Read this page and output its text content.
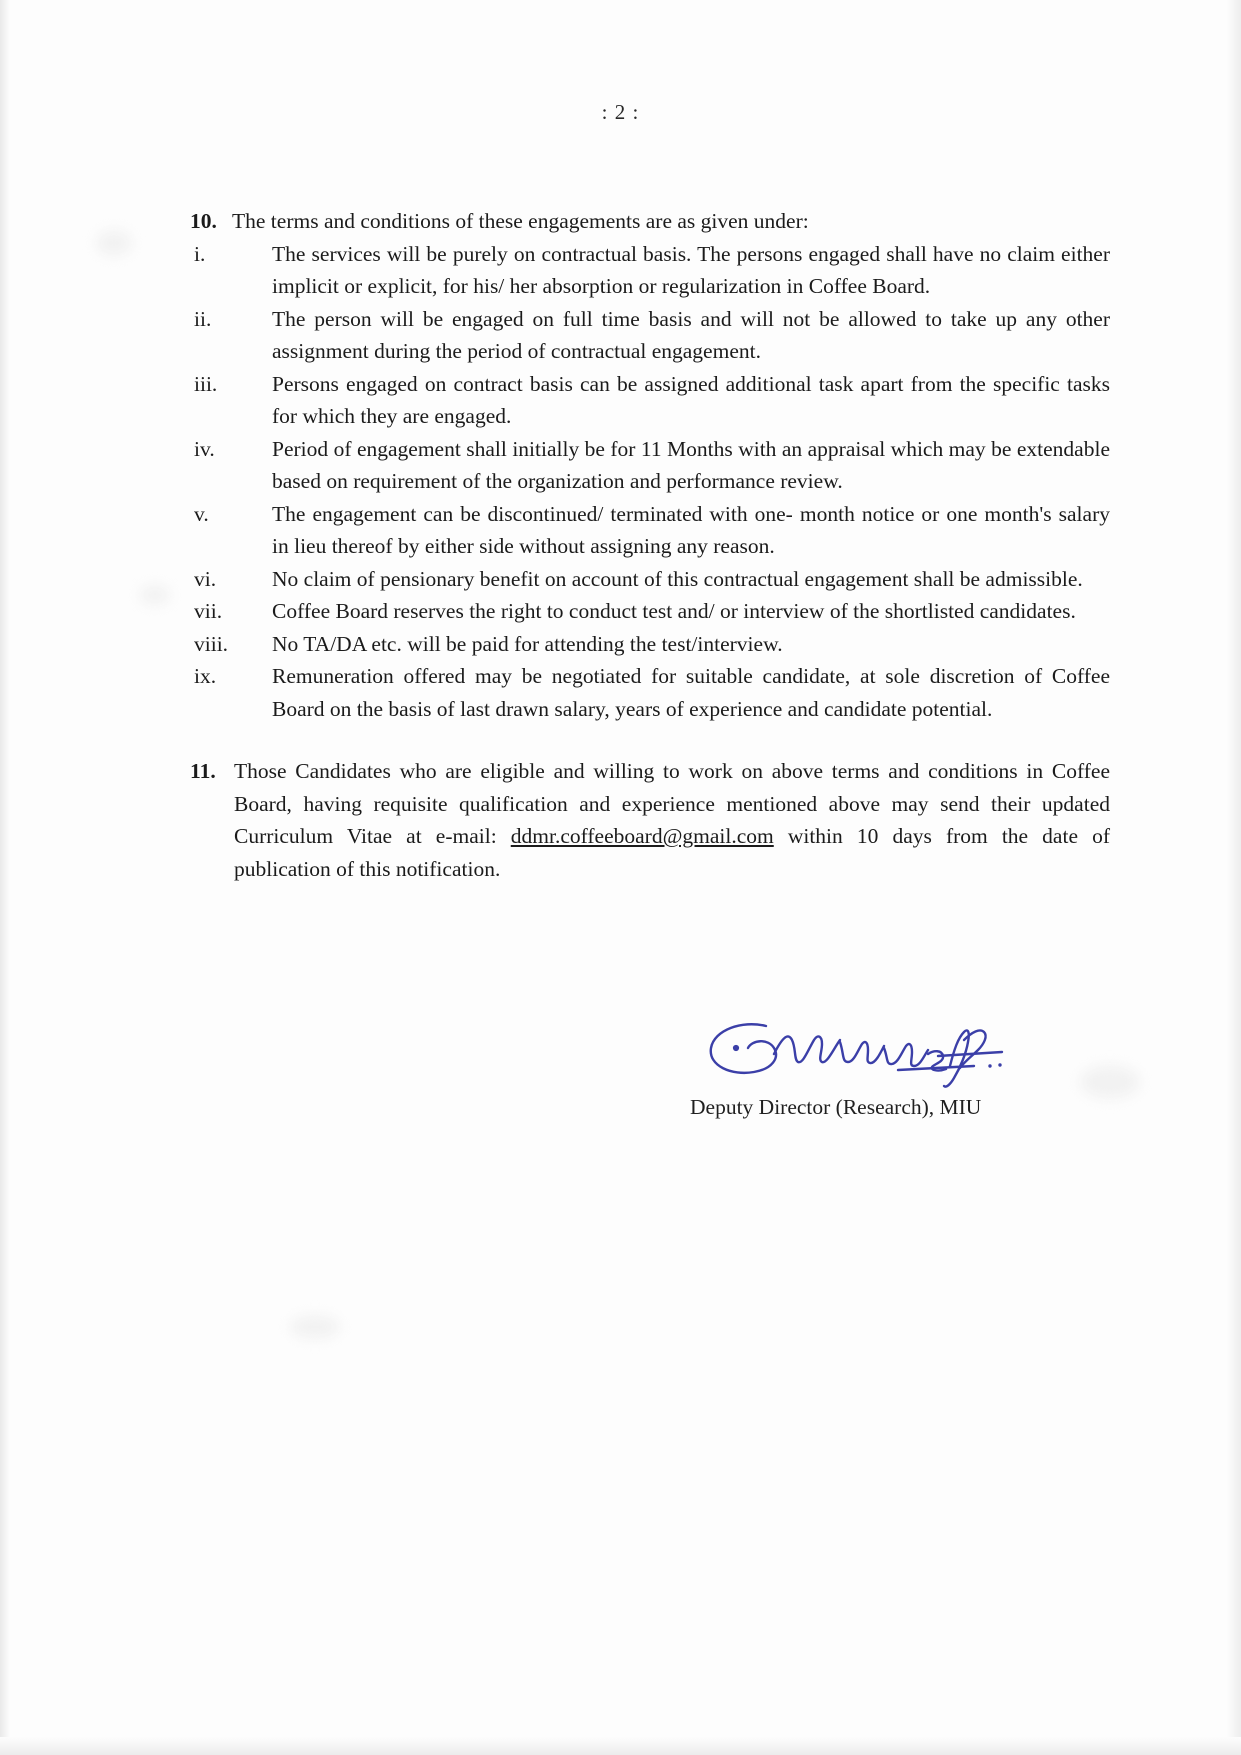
: 2 :
10. The terms and conditions of these engagements are as given under:
i.	The services will be purely on contractual basis. The persons engaged shall have no claim either implicit or explicit, for his/ her absorption or regularization in Coffee Board.
ii.	The person will be engaged on full time basis and will not be allowed to take up any other assignment during the period of contractual engagement.
iii.	Persons engaged on contract basis can be assigned additional task apart from the specific tasks for which they are engaged.
iv.	Period of engagement shall initially be for 11 Months with an appraisal which may be extendable based on requirement of the organization and performance review.
v.	The engagement can be discontinued/ terminated with one- month notice or one month's salary in lieu thereof by either side without assigning any reason.
vi.	No claim of pensionary benefit on account of this contractual engagement shall be admissible.
vii.	Coffee Board reserves the right to conduct test and/ or interview of the shortlisted candidates.
viii.	No TA/DA etc. will be paid for attending the test/interview.
ix.	Remuneration offered may be negotiated for suitable candidate, at sole discretion of Coffee Board on the basis of last drawn salary, years of experience and candidate potential.
11. Those Candidates who are eligible and willing to work on above terms and conditions in Coffee Board, having requisite qualification and experience mentioned above may send their updated Curriculum Vitae at e-mail: ddmr.coffeeboard@gmail.com within 10 days from the date of publication of this notification.
Deputy Director (Research), MIU
